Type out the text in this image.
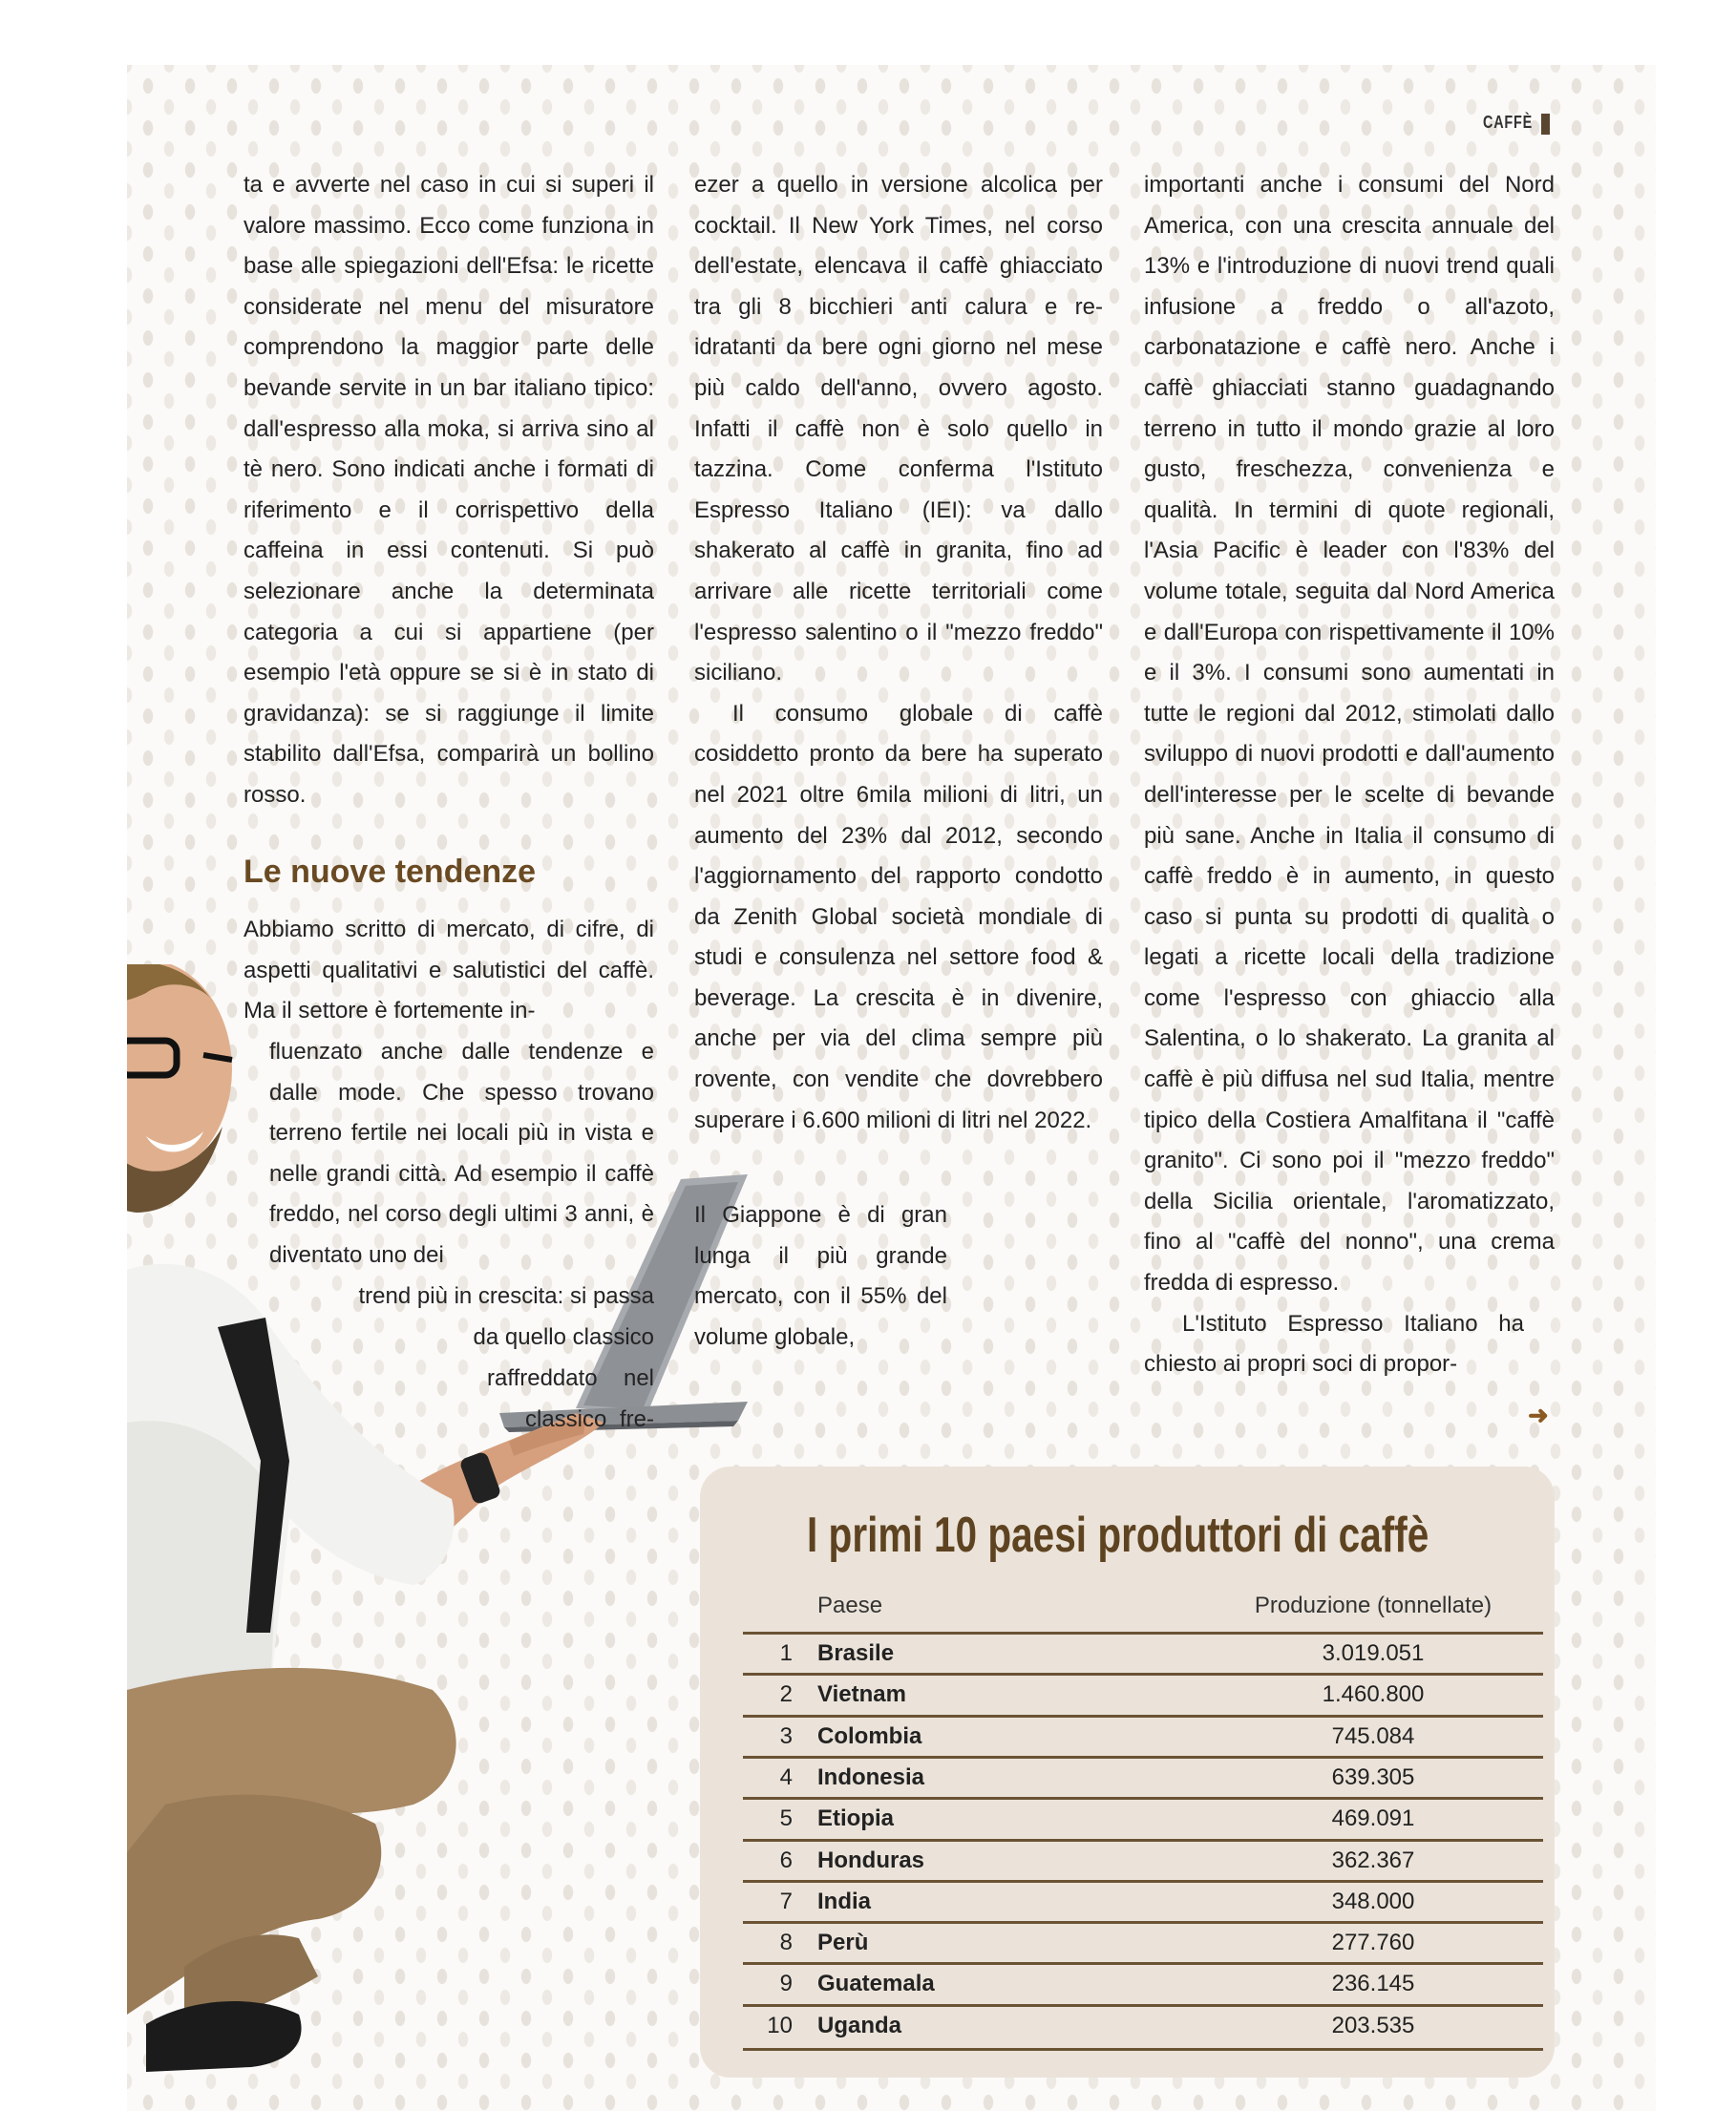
CAFFÈ

ta e avverte nel caso in cui si superi il valore massimo. Ecco come funziona in base alle spiegazioni dell'Efsa: le ricette considerate nel menu del misuratore comprendono la maggior parte delle bevande servite in un bar italiano tipico: dall'espresso alla moka, si arriva sino al tè nero. Sono indicati anche i formati di riferimento e il corrispettivo della caffeina in essi contenuti. Si può selezionare anche la determinata categoria a cui si appartiene (per esempio l'età oppure se si è in stato di gravidanza): se si raggiunge il limite stabilito dall'Efsa, comparirà un bollino rosso.

Le nuove tendenze

Abbiamo scritto di mercato, di cifre, di aspetti qualitativi e salutistici del caffè. Ma il settore è fortemente in-

fluenzato anche dalle tendenze e dalle mode. Che spesso trovano terreno fertile nei locali più in vista e nelle grandi città. Ad esempio il caffè freddo, nel corso degli ultimi 3 anni, è diventato uno dei

trend più in crescita: si passa

da quello classico

raffreddato nel

classico fre-

ezer a quello in versione alcolica per cocktail. Il New York Times, nel corso dell'estate, elencava il caffè ghiacciato tra gli 8 bicchieri anti calura e re-idratanti da bere ogni giorno nel mese più caldo dell'anno, ovvero agosto. Infatti il caffè non è solo quello in tazzina. Come conferma l'Istituto Espresso Italiano (IEI): va dallo shakerato al caffè in granita, fino ad arrivare alle ricette territoriali come l'espresso salentino o il "mezzo freddo" siciliano.

Il consumo globale di caffè cosiddetto pronto da bere ha superato nel 2021 oltre 6mila milioni di litri, un aumento del 23% dal 2012, secondo l'aggiornamento del rapporto condotto da Zenith Global società mondiale di studi e consulenza nel settore food & beverage. La crescita è in divenire, anche per via del clima sempre più rovente, con vendite che dovrebbero superare i 6.600 milioni di litri nel 2022.

Il Giappone è di gran lunga il più grande mercato, con il 55% del volume globale,

importanti anche i consumi del Nord America, con una crescita annuale del 13% e l'introduzione di nuovi trend quali infusione a freddo o all'azoto, carbonatazione e caffè nero. Anche i caffè ghiacciati stanno guadagnando terreno in tutto il mondo grazie al loro gusto, freschezza, convenienza e qualità. In termini di quote regionali, l'Asia Pacific è leader con l'83% del volume totale, seguita dal Nord America e dall'Europa con rispettivamente il 10% e il 3%. I consumi sono aumentati in tutte le regioni dal 2012, stimolati dallo sviluppo di nuovi prodotti e dall'aumento dell'interesse per le scelte di bevande più sane. Anche in Italia il consumo di caffè freddo è in aumento, in questo caso si punta su prodotti di qualità o legati a ricette locali della tradizione come l'espresso con ghiaccio alla Salentina, o lo shakerato. La granita al caffè è più diffusa nel sud Italia, mentre tipico della Costiera Amalfitana il "caffè granito". Ci sono poi il "mezzo freddo" della Sicilia orientale, l'aromatizzato, fino al "caffè del nonno", una crema fredda di espresso.

L'Istituto Espresso Italiano ha chiesto ai propri soci di propor-

➜
I primi 10 paesi produttori di caffè
Paese	Produzione (tonnellate)
1 Brasile	3.019.051
2 Vietnam	1.460.800
3 Colombia	745.084
4 Indonesia	639.305
5 Etiopia	469.091
6 Honduras	362.367
7 India	348.000
8 Perù	277.760
9 Guatemala	236.145
10 Uganda	203.535
